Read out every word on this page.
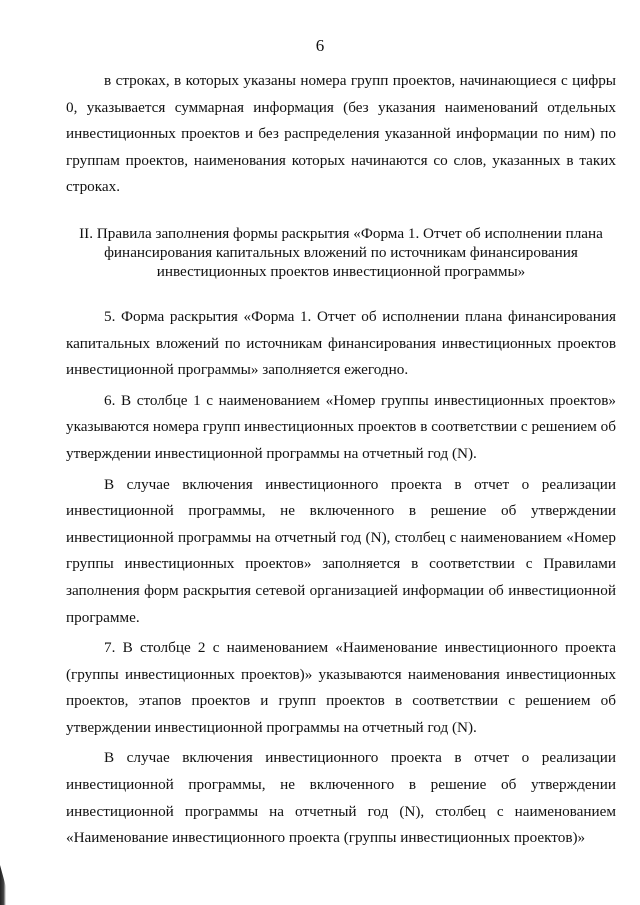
6

в строках, в которых указаны номера групп проектов, начинающиеся с цифры 0, указывается суммарная информация (без указания наименований отдельных инвестиционных проектов и без распределения указанной информации по ним) по группам проектов, наименования которых начинаются со слов, указанных в таких строках.

II. Правила заполнения формы раскрытия «Форма 1. Отчет об исполнении плана финансирования капитальных вложений по источникам финансирования инвестиционных проектов инвестиционной программы»

5. Форма раскрытия «Форма 1. Отчет об исполнении плана финансирования капитальных вложений по источникам финансирования инвестиционных проектов инвестиционной программы» заполняется ежегодно.

6. В столбце 1 с наименованием «Номер группы инвестиционных проектов» указываются номера групп инвестиционных проектов в соответствии с решением об утверждении инвестиционной программы на отчетный год (N).

В случае включения инвестиционного проекта в отчет о реализации инвестиционной программы, не включенного в решение об утверждении инвестиционной программы на отчетный год (N), столбец с наименованием «Номер группы инвестиционных проектов» заполняется в соответствии с Правилами заполнения форм раскрытия сетевой организацией информации об инвестиционной программе.

7. В столбце 2 с наименованием «Наименование инвестиционного проекта (группы инвестиционных проектов)» указываются наименования инвестиционных проектов, этапов проектов и групп проектов в соответствии с решением об утверждении инвестиционной программы на отчетный год (N).

В случае включения инвестиционного проекта в отчет о реализации инвестиционной программы, не включенного в решение об утверждении инвестиционной программы на отчетный год (N), столбец с наименованием «Наименование инвестиционного проекта (группы инвестиционных проектов)»
